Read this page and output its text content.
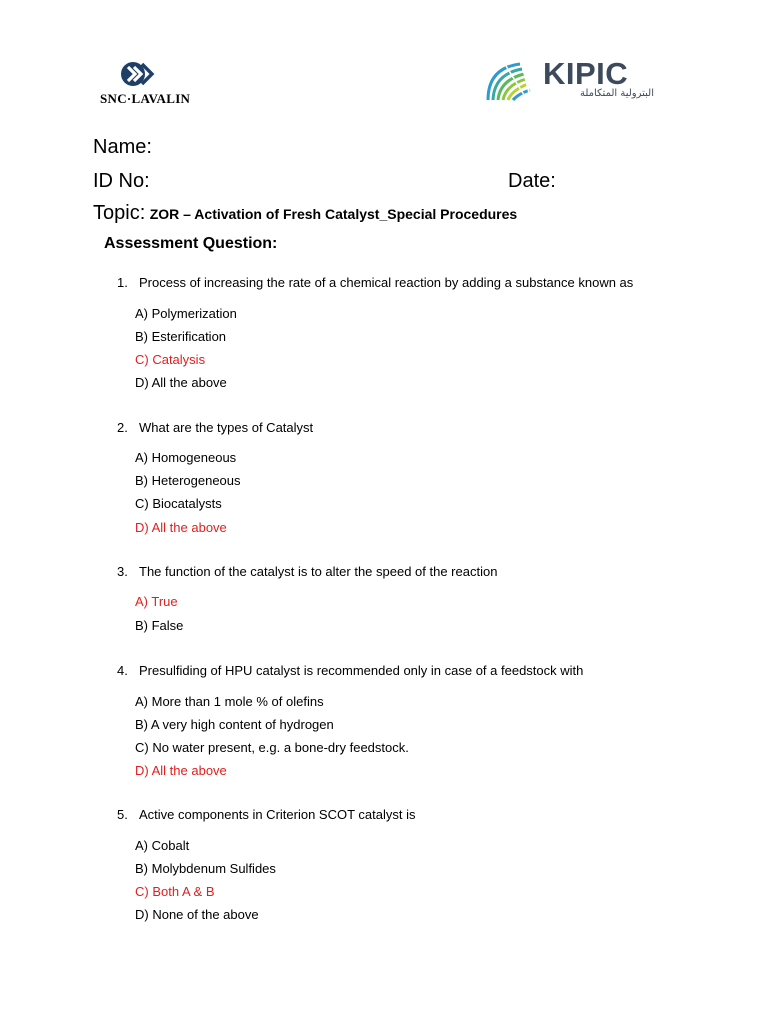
SNC·LAVALIN
KIPIC
البترولية المتكاملة
Name:
ID No:	Date:
Topic: ZOR – Activation of Fresh Catalyst_Special Procedures
Assessment Question:
1. Process of increasing the rate of a chemical reaction by adding a substance known as
A) Polymerization
B) Esterification
C) Catalysis
D) All the above
2. What are the types of Catalyst
A) Homogeneous
B) Heterogeneous
C) Biocatalysts
D) All the above
3. The function of the catalyst is to alter the speed of the reaction
A) True
B) False
4. Presulfiding of HPU catalyst is recommended only in case of a feedstock with
A) More than 1 mole % of olefins
B) A very high content of hydrogen
C) No water present, e.g. a bone-dry feedstock.
D) All the above
5. Active components in Criterion SCOT catalyst is
A) Cobalt
B) Molybdenum Sulfides
C) Both A & B
D) None of the above
